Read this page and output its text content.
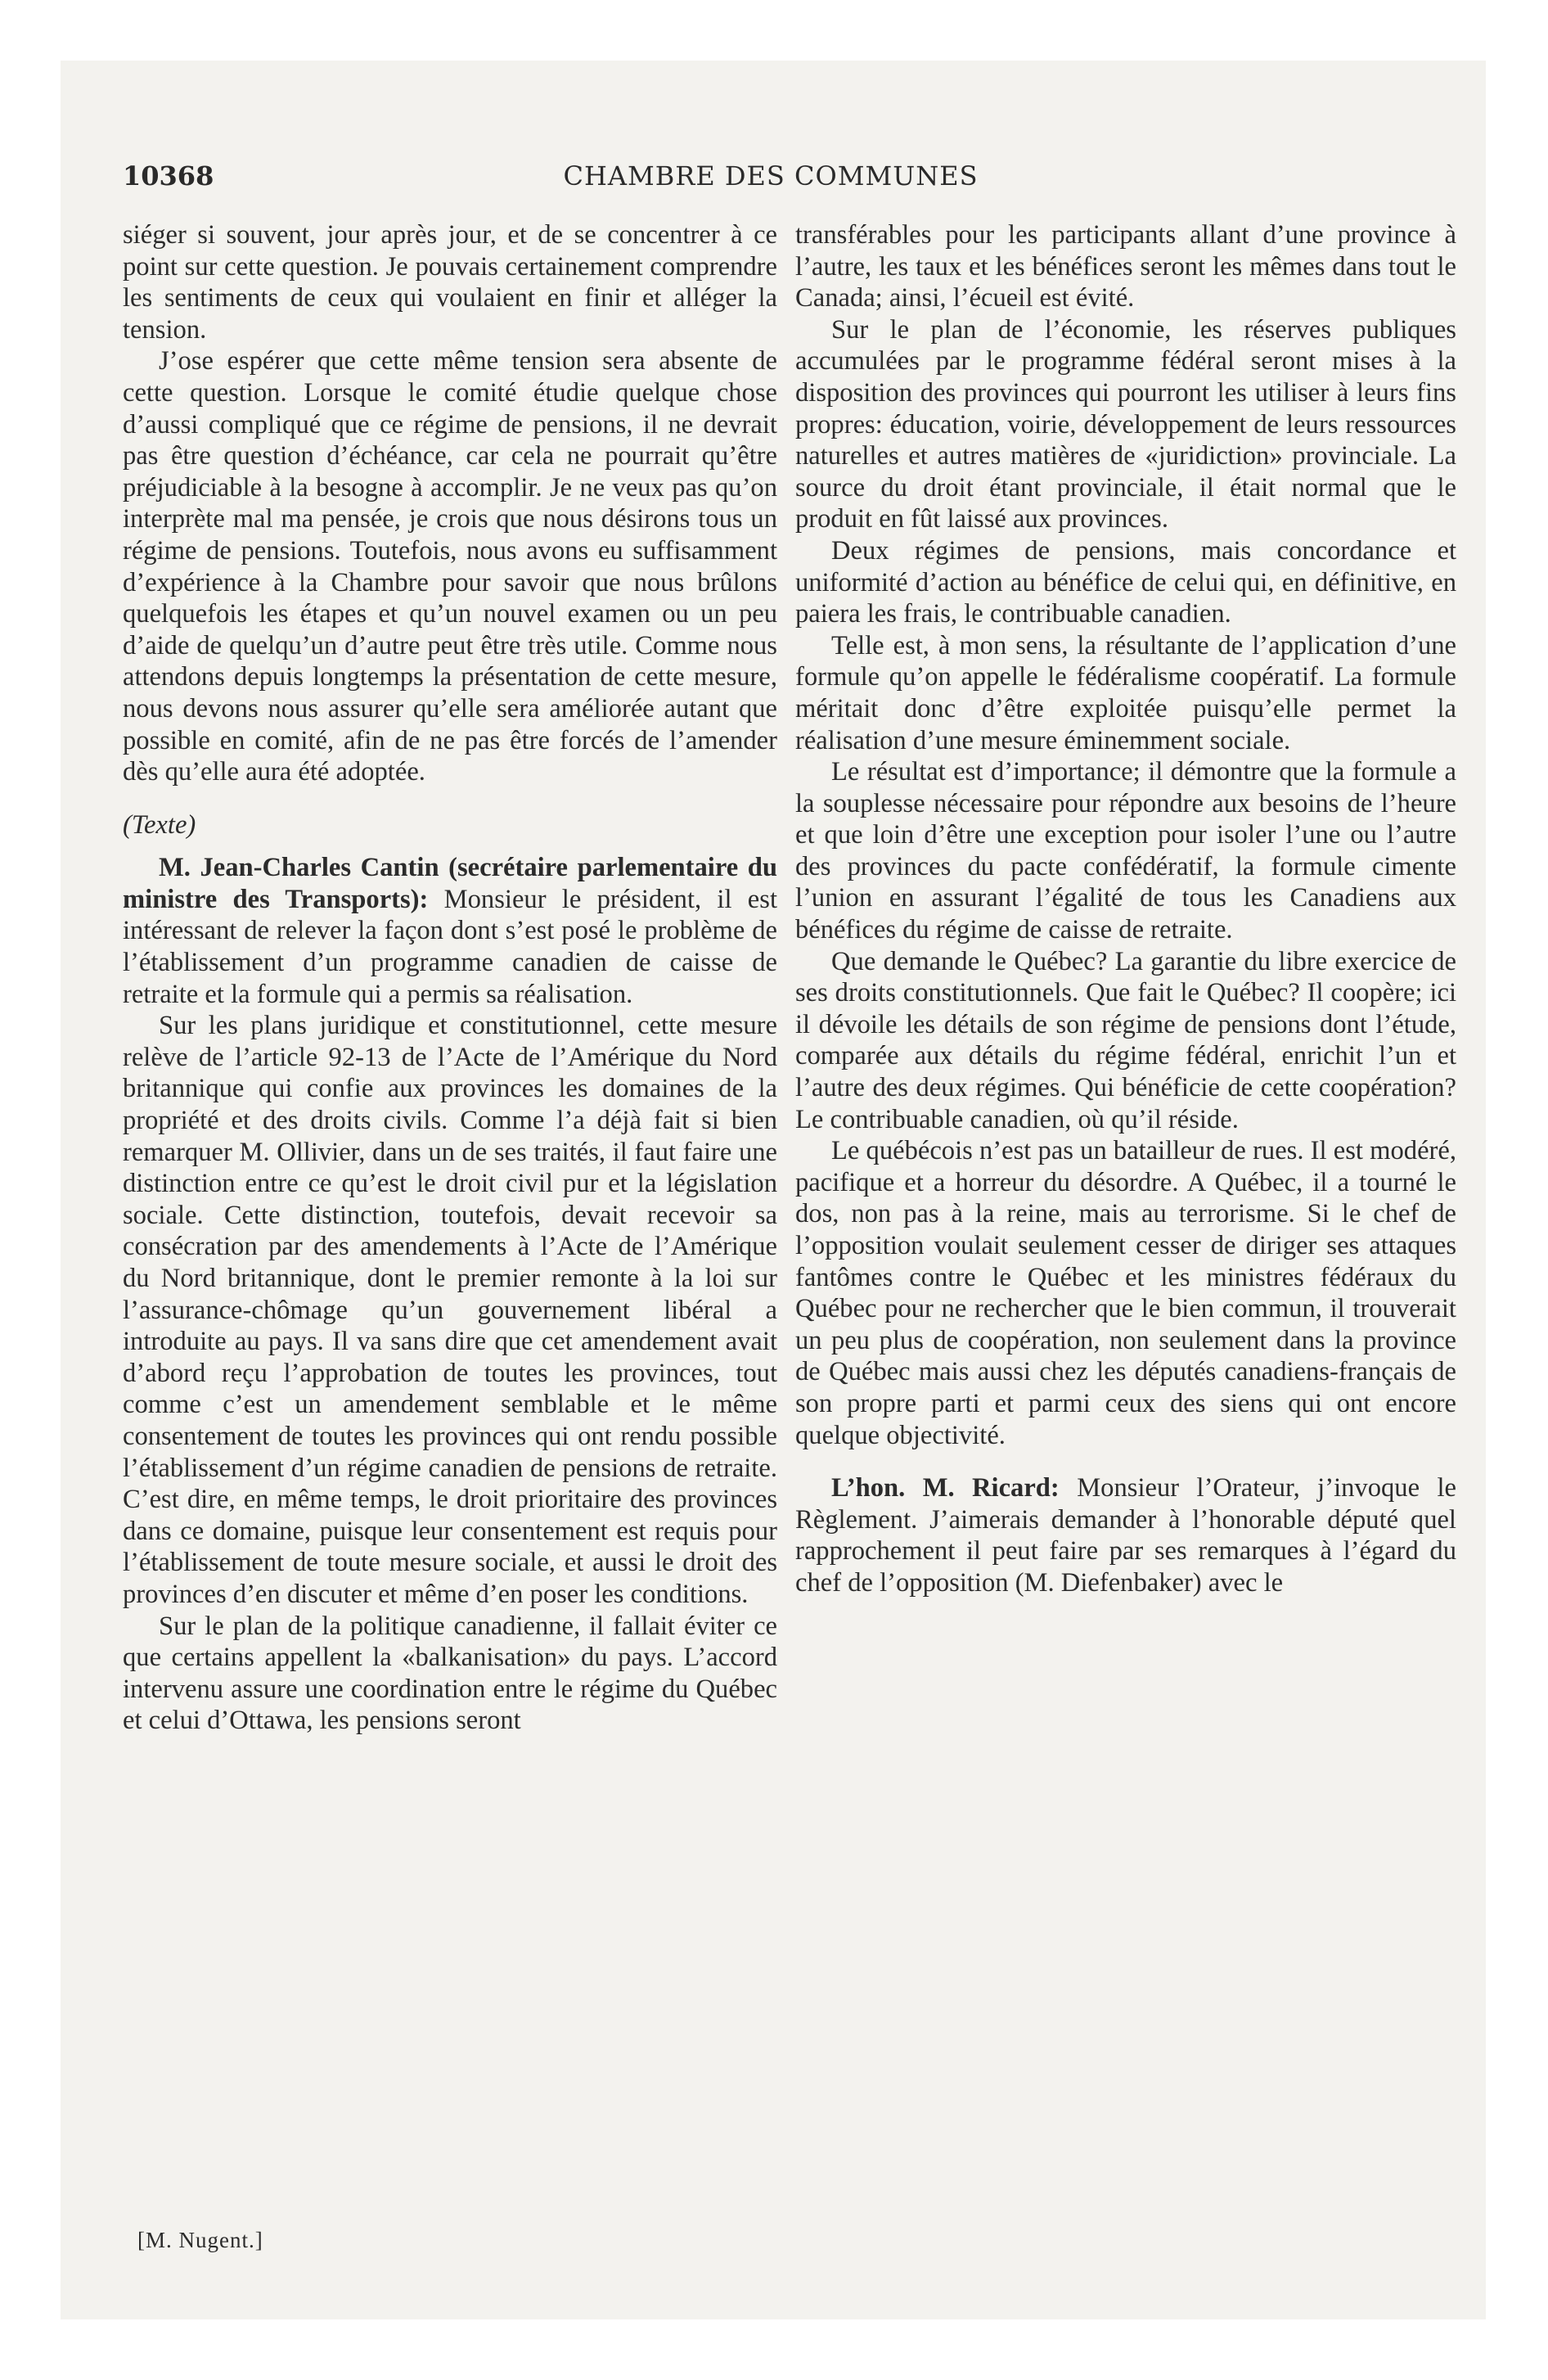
10368	CHAMBRE DES COMMUNES

siéger si souvent, jour après jour, et de se concentrer à ce point sur cette question. Je pouvais certainement comprendre les sentiments de ceux qui voulaient en finir et alléger la tension.

J’ose espérer que cette même tension sera absente de cette question. Lorsque le comité étudie quelque chose d’aussi compliqué que ce régime de pensions, il ne devrait pas être question d’échéance, car cela ne pourrait qu’être préjudiciable à la besogne à accomplir. Je ne veux pas qu’on interprète mal ma pensée, je crois que nous désirons tous un régime de pensions. Toutefois, nous avons eu suffisamment d’expérience à la Chambre pour savoir que nous brûlons quelquefois les étapes et qu’un nouvel examen ou un peu d’aide de quelqu’un d’autre peut être très utile. Comme nous attendons depuis longtemps la présentation de cette mesure, nous devons nous assurer qu’elle sera améliorée autant que possible en comité, afin de ne pas être forcés de l’amender dès qu’elle aura été adoptée.

(Texte)

M. Jean-Charles Cantin (secrétaire parlementaire du ministre des Transports): Monsieur le président, il est intéressant de relever la façon dont s’est posé le problème de l’établissement d’un programme canadien de caisse de retraite et la formule qui a permis sa réalisation.

Sur les plans juridique et constitutionnel, cette mesure relève de l’article 92-13 de l’Acte de l’Amérique du Nord britannique qui confie aux provinces les domaines de la propriété et des droits civils. Comme l’a déjà fait si bien remarquer M. Ollivier, dans un de ses traités, il faut faire une distinction entre ce qu’est le droit civil pur et la législation sociale. Cette distinction, toutefois, devait recevoir sa consécration par des amendements à l’Acte de l’Amérique du Nord britannique, dont le premier remonte à la loi sur l’assurance-chômage qu’un gouvernement libéral a introduite au pays. Il va sans dire que cet amendement avait d’abord reçu l’approbation de toutes les provinces, tout comme c’est un amendement semblable et le même consentement de toutes les provinces qui ont rendu possible l’établissement d’un régime canadien de pensions de retraite. C’est dire, en même temps, le droit prioritaire des provinces dans ce domaine, puisque leur consentement est requis pour l’établissement de toute mesure sociale, et aussi le droit des provinces d’en discuter et même d’en poser les conditions.

Sur le plan de la politique canadienne, il fallait éviter ce que certains appellent la «balkanisation» du pays. L’accord intervenu assure une coordination entre le régime du Québec et celui d’Ottawa, les pensions seront

transférables pour les participants allant d’une province à l’autre, les taux et les bénéfices seront les mêmes dans tout le Canada; ainsi, l’écueil est évité.

Sur le plan de l’économie, les réserves publiques accumulées par le programme fédéral seront mises à la disposition des provinces qui pourront les utiliser à leurs fins propres: éducation, voirie, développement de leurs ressources naturelles et autres matières de «juridiction» provinciale. La source du droit étant provinciale, il était normal que le produit en fût laissé aux provinces.

Deux régimes de pensions, mais concordance et uniformité d’action au bénéfice de celui qui, en définitive, en paiera les frais, le contribuable canadien.

Telle est, à mon sens, la résultante de l’application d’une formule qu’on appelle le fédéralisme coopératif. La formule méritait donc d’être exploitée puisqu’elle permet la réalisation d’une mesure éminemment sociale.

Le résultat est d’importance; il démontre que la formule a la souplesse nécessaire pour répondre aux besoins de l’heure et que loin d’être une exception pour isoler l’une ou l’autre des provinces du pacte confédératif, la formule cimente l’union en assurant l’égalité de tous les Canadiens aux bénéfices du régime de caisse de retraite.

Que demande le Québec? La garantie du libre exercice de ses droits constitutionnels. Que fait le Québec? Il coopère; ici il dévoile les détails de son régime de pensions dont l’étude, comparée aux détails du régime fédéral, enrichit l’un et l’autre des deux régimes. Qui bénéficie de cette coopération? Le contribuable canadien, où qu’il réside.

Le québécois n’est pas un batailleur de rues. Il est modéré, pacifique et a horreur du désordre. A Québec, il a tourné le dos, non pas à la reine, mais au terrorisme. Si le chef de l’opposition voulait seulement cesser de diriger ses attaques fantômes contre le Québec et les ministres fédéraux du Québec pour ne rechercher que le bien commun, il trouverait un peu plus de coopération, non seulement dans la province de Québec mais aussi chez les députés canadiens-français de son propre parti et parmi ceux des siens qui ont encore quelque objectivité.

L’hon. M. Ricard: Monsieur l’Orateur, j’invoque le Règlement. J’aimerais demander à l’honorable député quel rapprochement il peut faire par ses remarques à l’égard du chef de l’opposition (M. Diefenbaker) avec le

[M. Nugent.]
